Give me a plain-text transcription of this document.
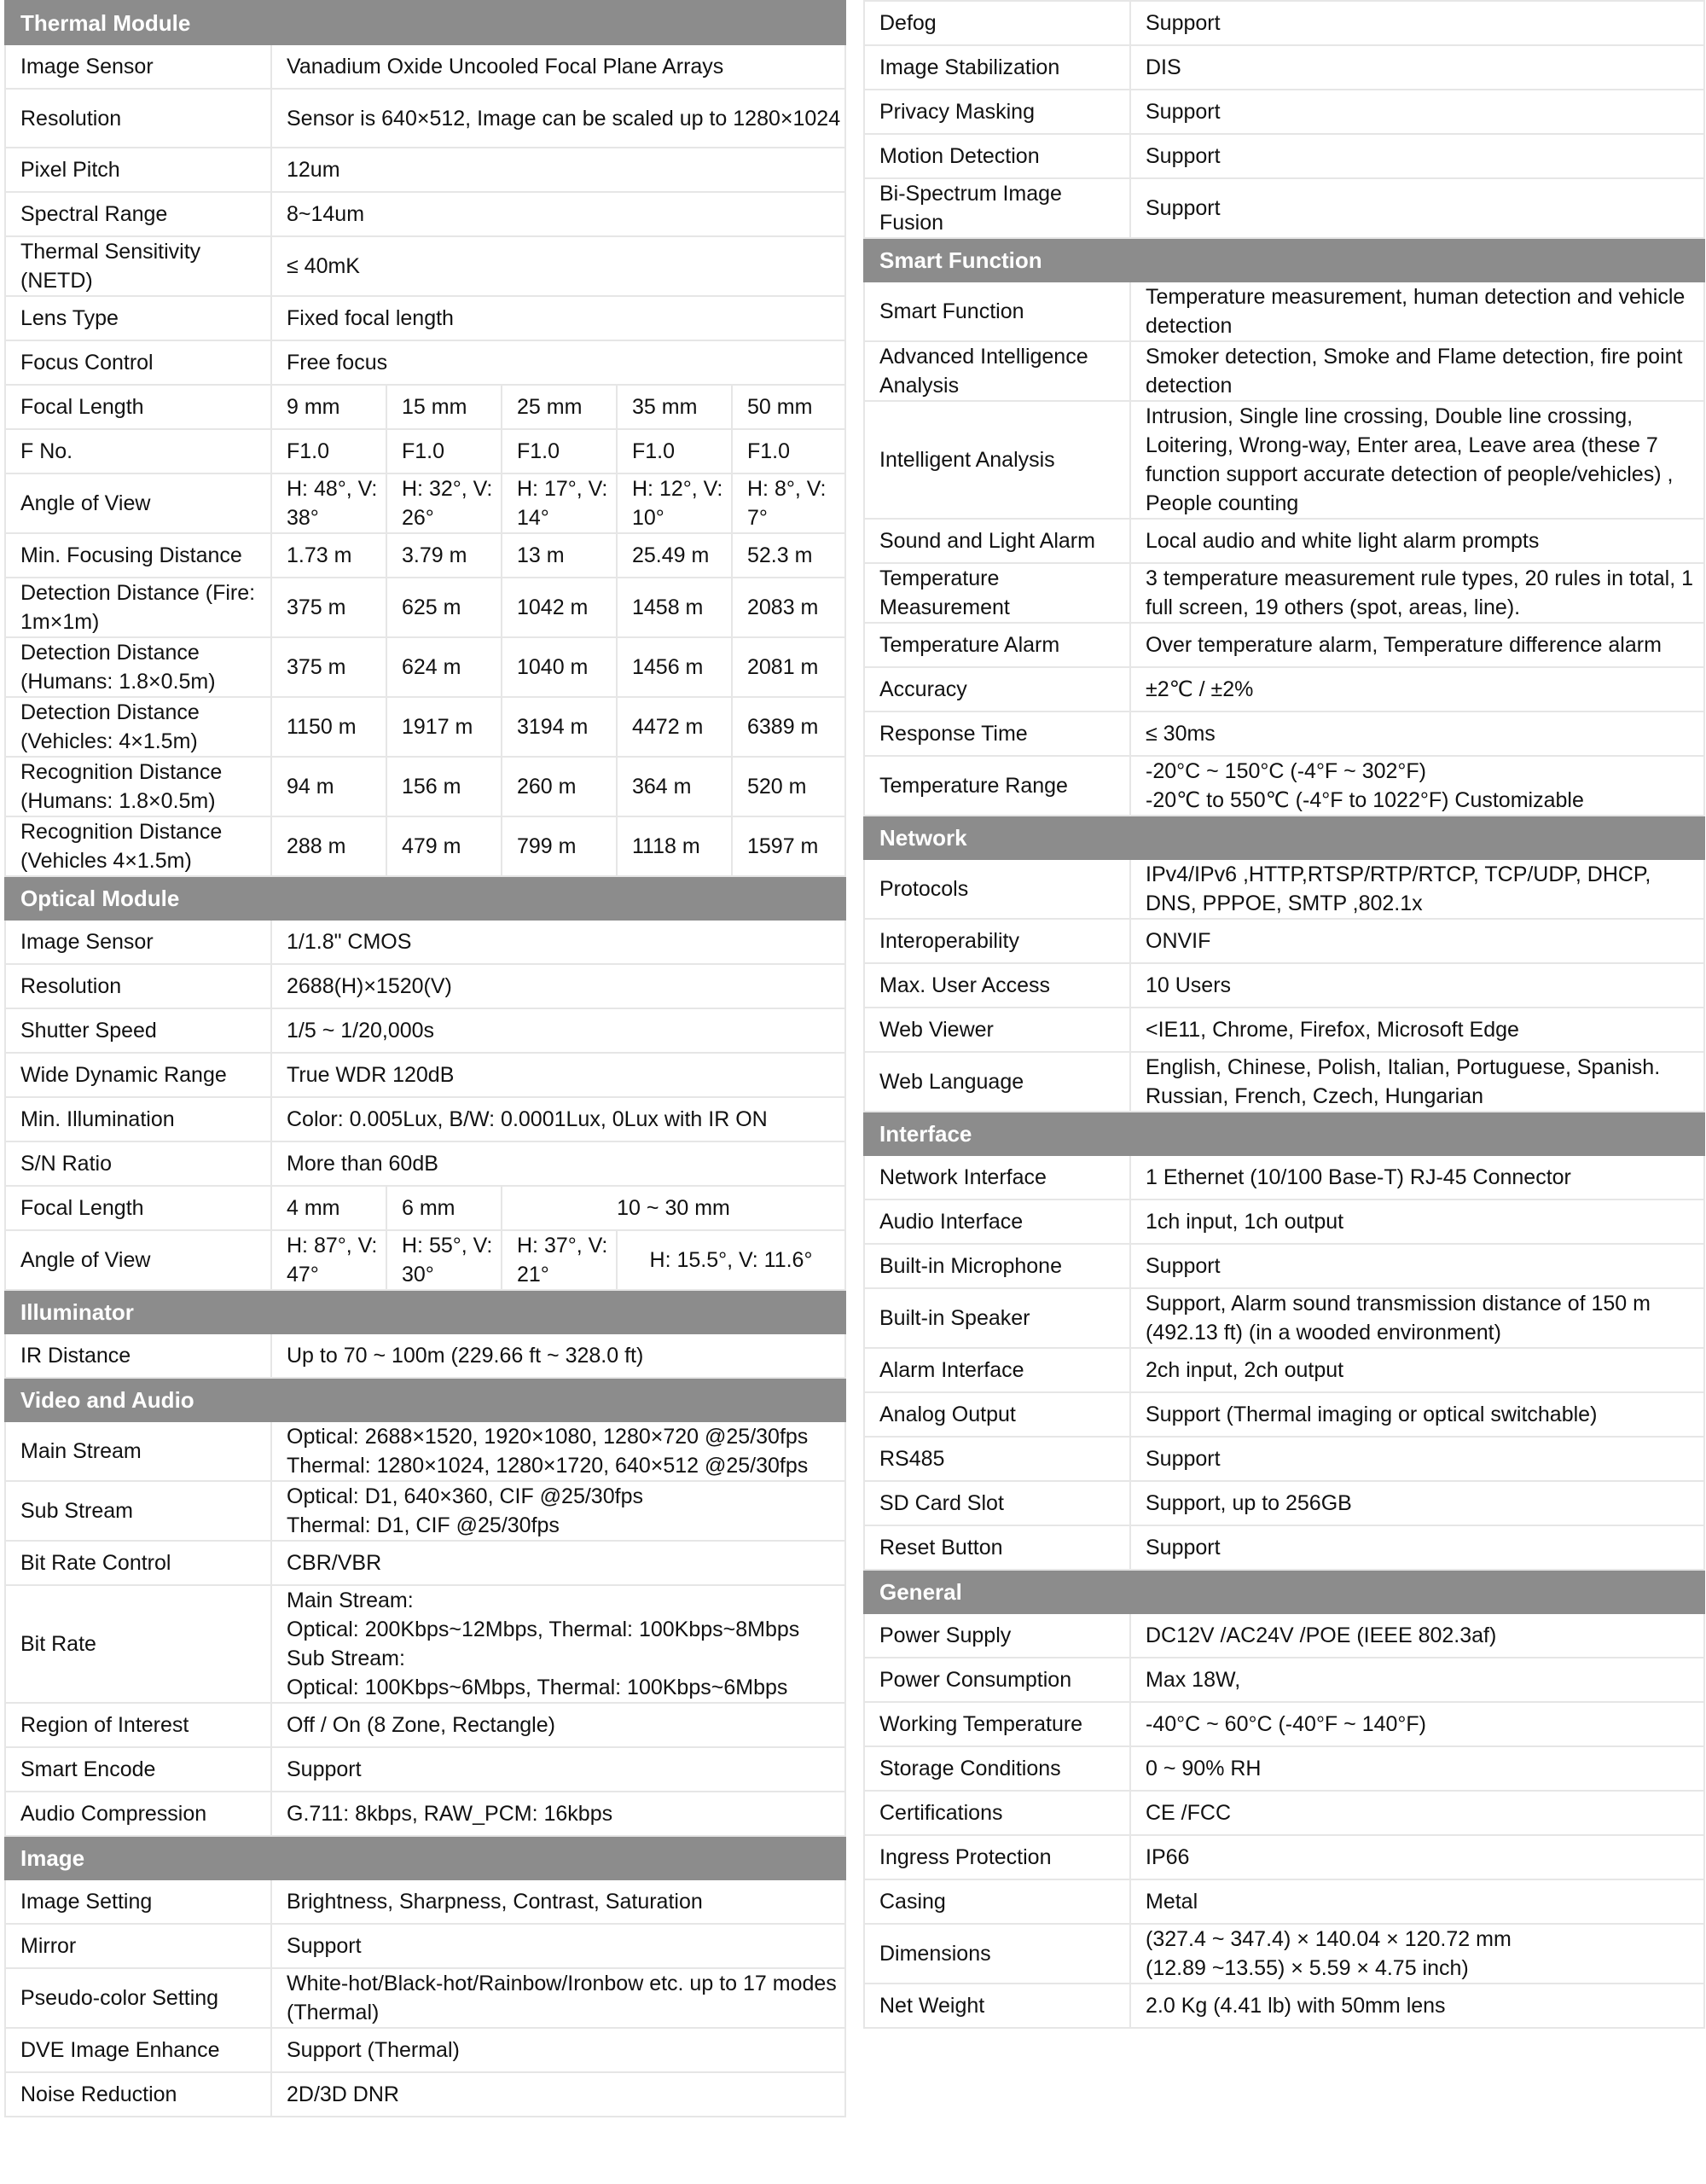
Thermal Module					
Image Sensor	Vanadium Oxide Uncooled Focal Plane Arrays				
Resolution	Sensor is 640×512, Image can be scaled up to 1280×1024				
Pixel Pitch	12um				
Spectral Range	8~14um				
Thermal Sensitivity (NETD)	≤ 40mK				
Lens Type	Fixed focal length				
Focus Control	Free focus				
Focal Length	9 mm	15 mm	25 mm	35 mm	50 mm
F No.	F1.0	F1.0	F1.0	F1.0	F1.0
Angle of View	H: 48°, V: 38°	H: 32°, V: 26°	H: 17°, V: 14°	H: 12°, V: 10°	H: 8°, V: 7°
Min. Focusing Distance	1.73 m	3.79 m	13 m	25.49 m	52.3 m
Detection Distance (Fire: 1m×1m)	375 m	625 m	1042 m	1458 m	2083 m
Detection Distance (Humans: 1.8×0.5m)	375 m	624 m	1040 m	1456 m	2081 m
Detection Distance (Vehicles: 4×1.5m)	1150 m	1917 m	3194 m	4472 m	6389 m
Recognition Distance (Humans: 1.8×0.5m)	94 m	156 m	260 m	364 m	520 m
Recognition Distance (Vehicles 4×1.5m)	288 m	479 m	799 m	1118 m	1597 m
Optical Module					
Image Sensor	1/1.8" CMOS				
Resolution	2688(H)×1520(V)				
Shutter Speed	1/5 ~ 1/20,000s				
Wide Dynamic Range	True WDR 120dB				
Min. Illumination	Color: 0.005Lux, B/W: 0.0001Lux, 0Lux with IR ON				
S/N Ratio	More than 60dB				
Focal Length	4 mm	6 mm	10 ~ 30 mm		
Angle of View	H: 87°, V: 47°	H: 55°, V: 30°	H: 37°, V: 21°	H: 15.5°, V: 11.6°	
Illuminator					
IR Distance	Up to 70 ~ 100m (229.66 ft ~ 328.0 ft)				
Video and Audio					
Main Stream	Optical: 2688×1520, 1920×1080, 1280×720 @25/30fps
Thermal: 1280×1024, 1280×1720, 640×512 @25/30fps				
Sub Stream	Optical: D1, 640×360, CIF @25/30fps
Thermal: D1, CIF @25/30fps				
Bit Rate Control	CBR/VBR				
Bit Rate	Main Stream:
Optical: 200Kbps~12Mbps, Thermal: 100Kbps~8Mbps
Sub Stream:
Optical: 100Kbps~6Mbps, Thermal: 100Kbps~6Mbps				
Region of Interest	Off / On (8 Zone, Rectangle)				
Smart Encode	Support				
Audio Compression	G.711: 8kbps, RAW_PCM: 16kbps				
Image					
Image Setting	Brightness, Sharpness, Contrast, Saturation				
Mirror	Support				
Pseudo-color Setting	White-hot/Black-hot/Rainbow/Ironbow etc. up to 17 modes (Thermal)				
DVE Image Enhance	Support (Thermal)				
Noise Reduction	2D/3D DNR				
Defog	Support
Image Stabilization	DIS
Privacy Masking	Support
Motion Detection	Support
Bi-Spectrum Image Fusion	Support
Smart Function	
Smart Function	Temperature measurement, human detection and vehicle detection
Advanced Intelligence Analysis	Smoker detection, Smoke and Flame detection, fire point detection
Intelligent Analysis	Intrusion, Single line crossing, Double line crossing, Loitering, Wrong-way, Enter area, Leave area (these 7 function support accurate detection of people/vehicles) , People counting
Sound and Light Alarm	Local audio and white light alarm prompts
Temperature Measurement	3 temperature measurement rule types, 20 rules in total, 1 full screen, 19 others (spot, areas, line).
Temperature Alarm	Over temperature alarm, Temperature difference alarm
Accuracy	±2℃ / ±2%
Response Time	≤ 30ms
Temperature Range	-20°C ~ 150°C (-4°F ~ 302°F)
-20℃ to 550℃ (-4°F to 1022°F) Customizable
Network	
Protocols	IPv4/IPv6 ,HTTP,RTSP/RTP/RTCP, TCP/UDP, DHCP, DNS, PPPOE, SMTP ,802.1x
Interoperability	ONVIF
Max. User Access	10 Users
Web Viewer	<IE11, Chrome, Firefox, Microsoft Edge
Web Language	English, Chinese, Polish, Italian, Portuguese, Spanish. Russian, French, Czech, Hungarian
Interface	
Network Interface	1 Ethernet (10/100 Base-T) RJ-45 Connector
Audio Interface	1ch input, 1ch output
Built-in Microphone	Support
Built-in Speaker	Support, Alarm sound transmission distance of 150 m (492.13 ft) (in a wooded environment)
Alarm Interface	2ch input, 2ch output
Analog Output	Support (Thermal imaging or optical switchable)
RS485	Support
SD Card Slot	Support, up to 256GB
Reset Button	Support
General	
Power Supply	DC12V /AC24V /POE (IEEE 802.3af)
Power Consumption	Max 18W,
Working Temperature	-40°C ~ 60°C (-40°F ~ 140°F)
Storage Conditions	0 ~ 90% RH
Certifications	CE /FCC
Ingress Protection	IP66
Casing	Metal
Dimensions	(327.4 ~ 347.4) × 140.04 × 120.72 mm
(12.89 ~13.55) × 5.59 × 4.75 inch)
Net Weight	2.0 Kg (4.41 lb) with 50mm lens
